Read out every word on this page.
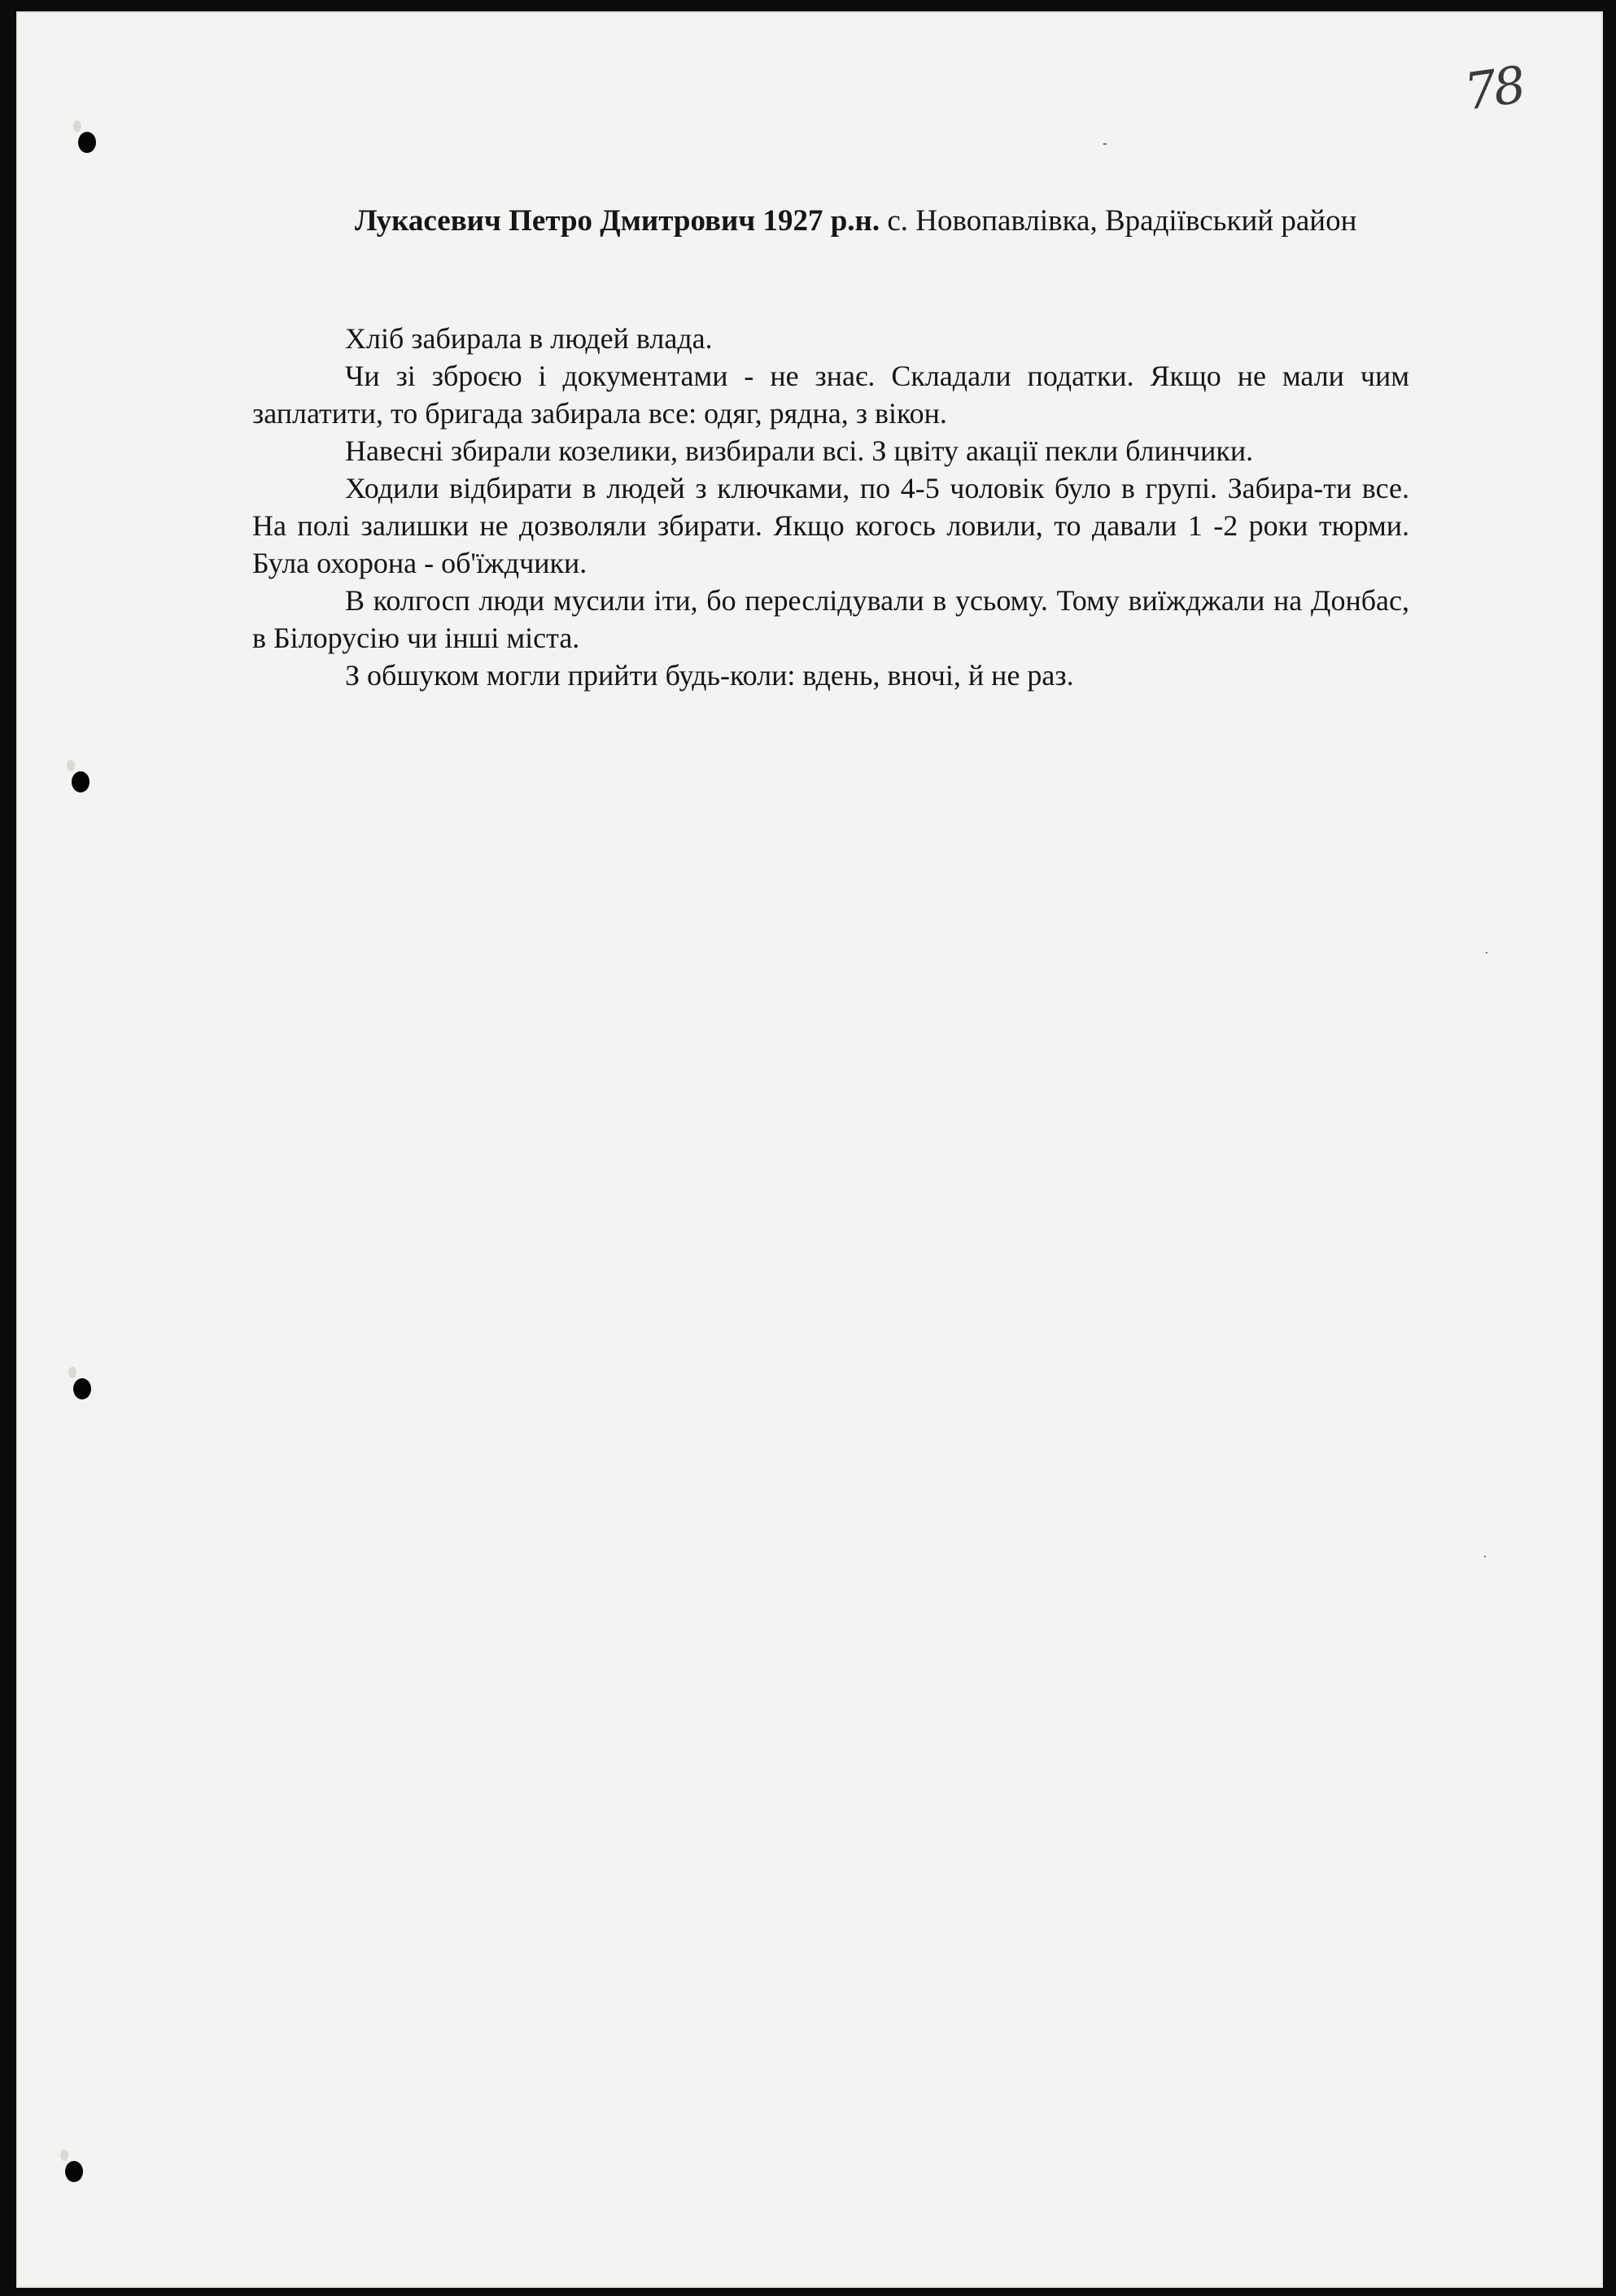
78
Лукасевич Петро Дмитрович 1927 р.н. с. Новопавлівка, Врадіївський район

Хліб забирала в людей влада.

Чи зі зброєю і документами - не знає. Складали податки. Якщо не мали чим заплатити, то бригада забирала все: одяг, рядна, з вікон.

Навесні збирали козелики, визбирали всі. З цвіту акації пекли блинчики.

Ходили відбирати в людей з ключками, по 4-5 чоловік було в групі. Забира-ти все. На полі залишки не дозволяли збирати. Якщо когось ловили, то давали 1 -2 роки тюрми. Була охорона - об'їждчики.

В колгосп люди мусили іти, бо переслідували в усьому. Тому виїжджали на Донбас, в Білорусію чи інші міста.

З обшуком могли прийти будь-коли: вдень, вночі, й не раз.
